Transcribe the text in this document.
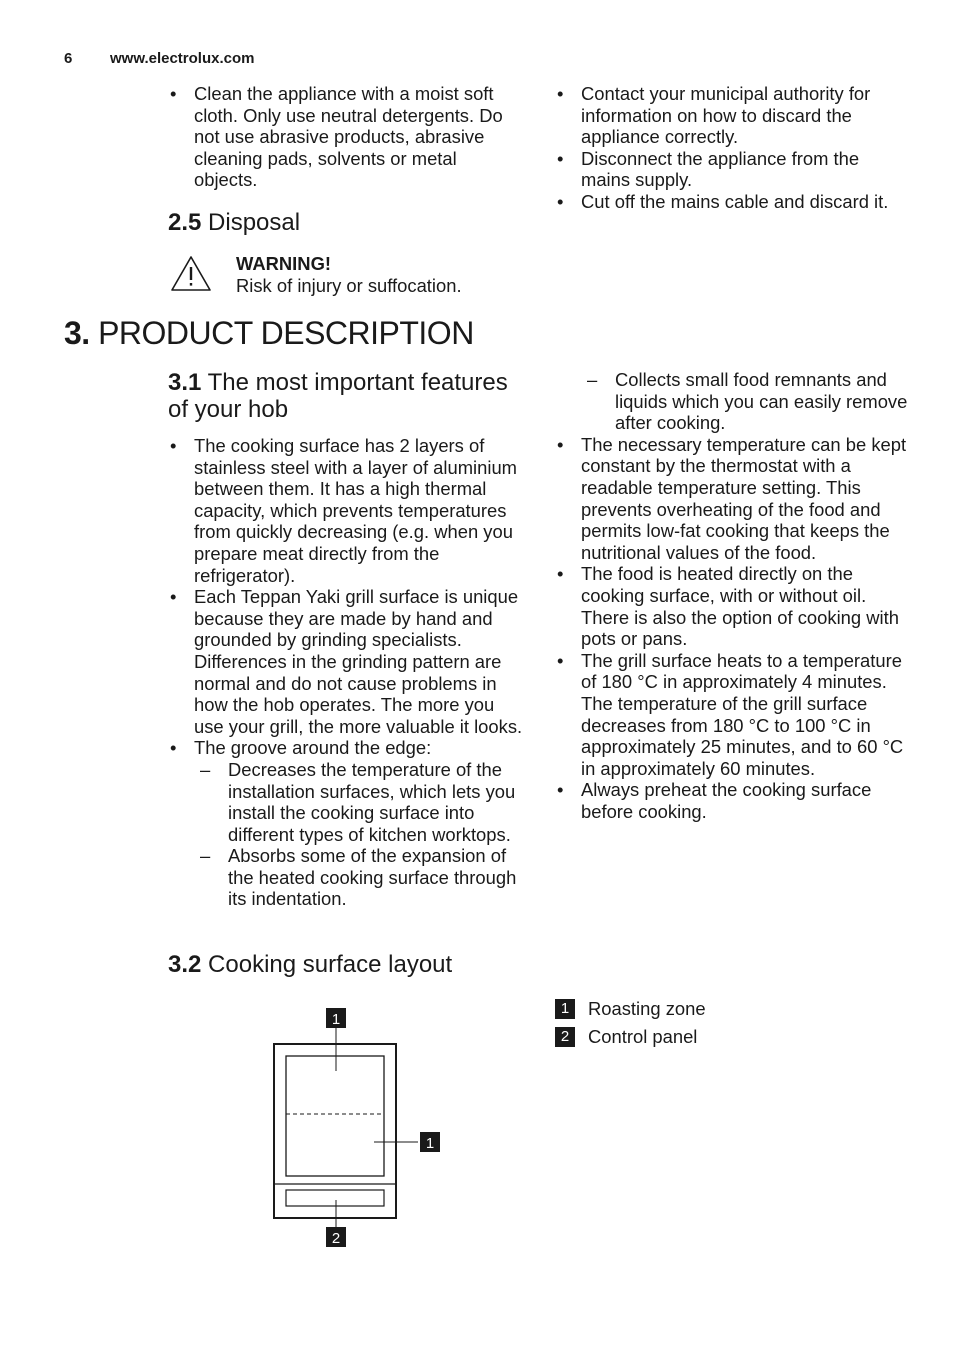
6	www.electrolux.com
• Clean the appliance with a moist soft cloth. Only use neutral detergents. Do not use abrasive products, abrasive cleaning pads, solvents or metal objects.
2.5 Disposal
WARNING!
Risk of injury or suffocation.
• Contact your municipal authority for information on how to discard the appliance correctly.
• Disconnect the appliance from the mains supply.
• Cut off the mains cable and discard it.
3. PRODUCT DESCRIPTION
3.1 The most important features of your hob
• The cooking surface has 2 layers of stainless steel with a layer of aluminium between them. It has a high thermal capacity, which prevents temperatures from quickly decreasing (e.g. when you prepare meat directly from the refrigerator).
• Each Teppan Yaki grill surface is unique because they are made by hand and grounded by grinding specialists. Differences in the grinding pattern are normal and do not cause problems in how the hob operates. The more you use your grill, the more valuable it looks.
• The groove around the edge:
– Decreases the temperature of the installation surfaces, which lets you install the cooking surface into different types of kitchen worktops.
– Absorbs some of the expansion of the heated cooking surface through its indentation.
– Collects small food remnants and liquids which you can easily remove after cooking.
• The necessary temperature can be kept constant by the thermostat with a readable temperature setting. This prevents overheating of the food and permits low-fat cooking that keeps the nutritional values of the food.
• The food is heated directly on the cooking surface, with or without oil. There is also the option of cooking with pots or pans.
• The grill surface heats to a temperature of 180 °C in approximately 4 minutes. The temperature of the grill surface decreases from 180 °C to 100 °C in approximately 25 minutes, and to 60 °C in approximately 60 minutes.
• Always preheat the cooking surface before cooking.
3.2 Cooking surface layout
1
1
2
1	Roasting zone
2	Control panel
